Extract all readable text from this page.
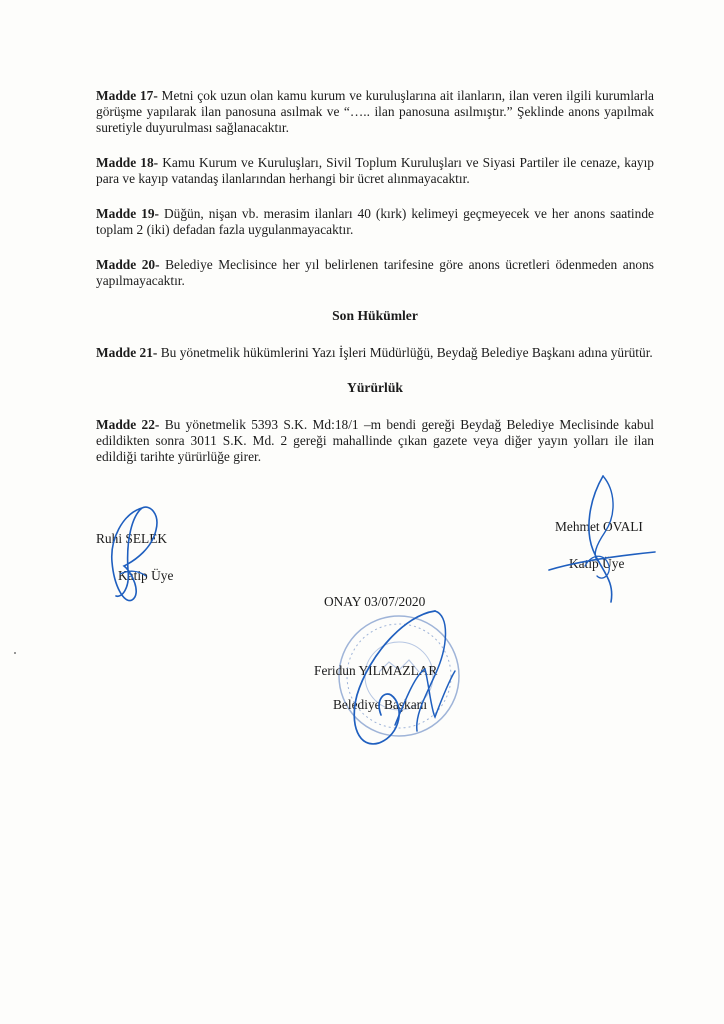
Madde 17- Metni çok uzun olan kamu kurum ve kuruluşlarına ait ilanların, ilan veren ilgili kurumlarla görüşme yapılarak ilan panosuna asılmak ve “….. ilan panosuna asılmıştır.” Şeklinde anons yapılmak suretiyle duyurulması sağlanacaktır.

Madde 18- Kamu Kurum ve Kuruluşları, Sivil Toplum Kuruluşları ve Siyasi Partiler ile cenaze, kayıp para ve kayıp vatandaş ilanlarından herhangi bir ücret alınmayacaktır.

Madde 19- Düğün, nişan vb. merasim ilanları 40 (kırk) kelimeyi geçmeyecek ve her anons saatinde toplam 2 (iki) defadan fazla uygulanmayacaktır.

Madde 20- Belediye Meclisince her yıl belirlenen tarifesine göre anons ücretleri ödenmeden anons yapılmayacaktır.

Son Hükümler

Madde 21- Bu yönetmelik hükümlerini Yazı İşleri Müdürlüğü, Beydağ Belediye Başkanı adına yürütür.

Yürürlük

Madde 22- Bu yönetmelik 5393 S.K. Md:18/1 –m bendi gereği Beydağ Belediye Meclisinde kabul edildikten sonra 3011 S.K. Md. 2 gereği mahallinde çıkan gazete veya diğer yayın yolları ile ilan edildiği tarihte yürürlüğe girer.

Ruhi SELEK
Katip Üye
Mehmet OVALI
Katip Üye
ONAY 03/07/2020
Feridun YILMAZLAR
Belediye Başkanı
